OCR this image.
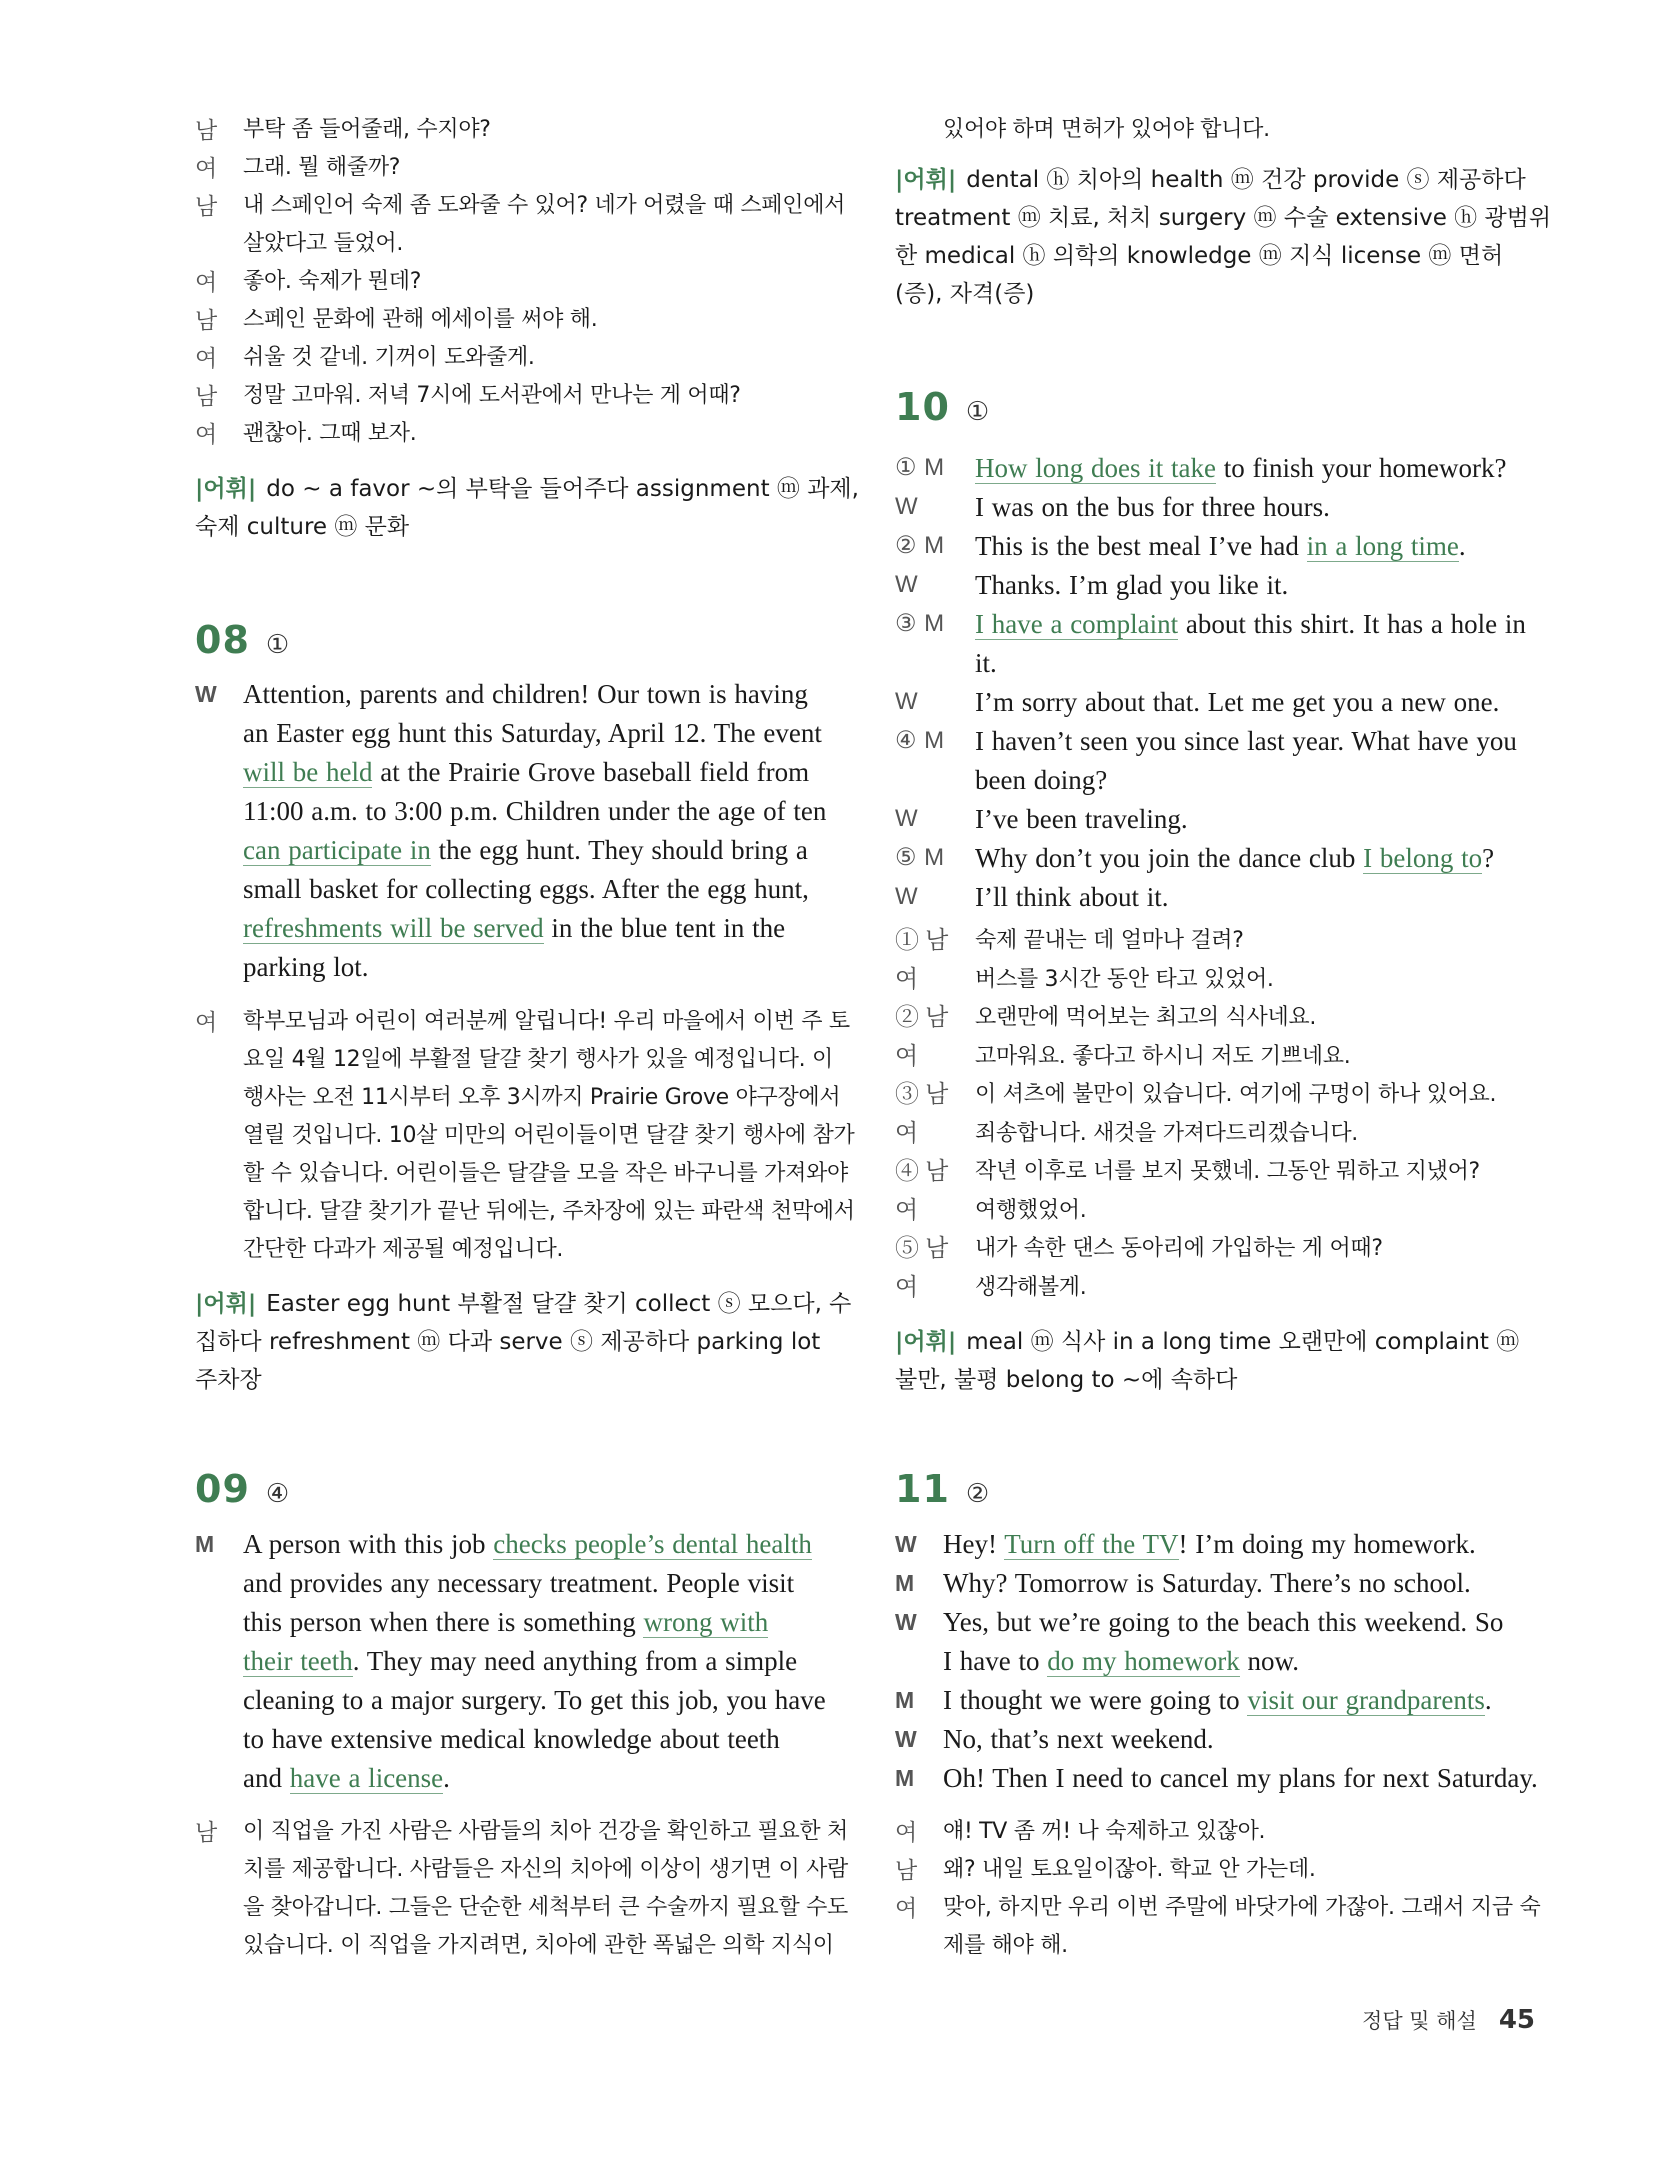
남	부탁 좀 들어줄래, 수지야?
여	그래. 뭘 해줄까?
남	내 스페인어 숙제 좀 도와줄 수 있어? 네가 어렸을 때 스페인에서
살았다고 들었어.
여	좋아. 숙제가 뭔데?
남	스페인 문화에 관해 에세이를 써야 해.
여	쉬울 것 같네. 기꺼이 도와줄게.
남	정말 고마워. 저녁 7시에 도서관에서 만나는 게 어때?
여	괜찮아. 그때 보자.
|어휘| do ~ a favor ~의 부탁을 들어주다 assignment ⓜ 과제,
숙제 culture ⓜ 문화
08 ①
W Attention, parents and children! Our town is having
an Easter egg hunt this Saturday, April 12. The event
will be held at the Prairie Grove baseball field from
11:00 a.m. to 3:00 p.m. Children under the age of ten
can participate in the egg hunt. They should bring a
small basket for collecting eggs. After the egg hunt,
refreshments will be served in the blue tent in the
parking lot.
여	학부모님과 어린이 여러분께 알립니다! 우리 마을에서 이번 주 토
요일 4월 12일에 부활절 달걀 찾기 행사가 있을 예정입니다. 이
행사는 오전 11시부터 오후 3시까지 Prairie Grove 야구장에서
열릴 것입니다. 10살 미만의 어린이들이면 달걀 찾기 행사에 참가
할 수 있습니다. 어린이들은 달걀을 모을 작은 바구니를 가져와야
합니다. 달걀 찾기가 끝난 뒤에는, 주차장에 있는 파란색 천막에서
간단한 다과가 제공될 예정입니다.
|어휘| Easter egg hunt 부활절 달걀 찾기 collect ⓢ 모으다, 수
집하다 refreshment ⓜ 다과 serve ⓢ 제공하다 parking lot
주차장
09 ④
M	A person with this job checks people’s dental health
and provides any necessary treatment. People visit
this person when there is something wrong with
their teeth. They may need anything from a simple
cleaning to a major surgery. To get this job, you have
to have extensive medical knowledge about teeth
and have a license.
남	이 직업을 가진 사람은 사람들의 치아 건강을 확인하고 필요한 처
치를 제공합니다. 사람들은 자신의 치아에 이상이 생기면 이 사람
을 찾아갑니다. 그들은 단순한 세척부터 큰 수술까지 필요할 수도
있습니다. 이 직업을 가지려면, 치아에 관한 폭넓은 의학 지식이
있어야 하며 면허가 있어야 합니다.
|어휘| dental ⓗ 치아의 health ⓜ 건강 provide ⓢ 제공하다
treatment ⓜ 치료, 처치 surgery ⓜ 수술 extensive ⓗ 광범위
한 medical ⓗ 의학의 knowledge ⓜ 지식 license ⓜ 면허
(증), 자격(증)
10 ①
① M	How long does it take to finish your homework?
W	I was on the bus for three hours.
② M	This is the best meal I’ve had in a long time.
W	Thanks. I’m glad you like it.
③ M	I have a complaint about this shirt. It has a hole in
it.
W	I’m sorry about that. Let me get you a new one.
④ M	I haven’t seen you since last year. What have you
been doing?
W	I’ve been traveling.
⑤ M	Why don’t you join the dance club I belong to?
W	I’ll think about it.
① 남	숙제 끝내는 데 얼마나 걸려?
여	버스를 3시간 동안 타고 있었어.
② 남	오랜만에 먹어보는 최고의 식사네요.
여	고마워요. 좋다고 하시니 저도 기쁘네요.
③ 남	이 셔츠에 불만이 있습니다. 여기에 구멍이 하나 있어요.
여	죄송합니다. 새것을 가져다드리겠습니다.
④ 남	작년 이후로 너를 보지 못했네. 그동안 뭐하고 지냈어?
여	여행했었어.
⑤ 남	내가 속한 댄스 동아리에 가입하는 게 어때?
여	생각해볼게.
|어휘| meal ⓜ 식사 in a long time 오랜만에 complaint ⓜ
불만, 불평 belong to ~에 속하다
11 ②
W Hey! Turn off the TV! I’m doing my homework.
M	Why? Tomorrow is Saturday. There’s no school.
W Yes, but we’re going to the beach this weekend. So
I have to do my homework now.
M	I thought we were going to visit our grandparents.
W No, that’s next weekend.
M	Oh! Then I need to cancel my plans for next Saturday.
여	얘! TV 좀 꺼! 나 숙제하고 있잖아.
남	왜? 내일 토요일이잖아. 학교 안 가는데.
여	맞아, 하지만 우리 이번 주말에 바닷가에 가잖아. 그래서 지금 숙
제를 해야 해.
정답 및 해설 45
